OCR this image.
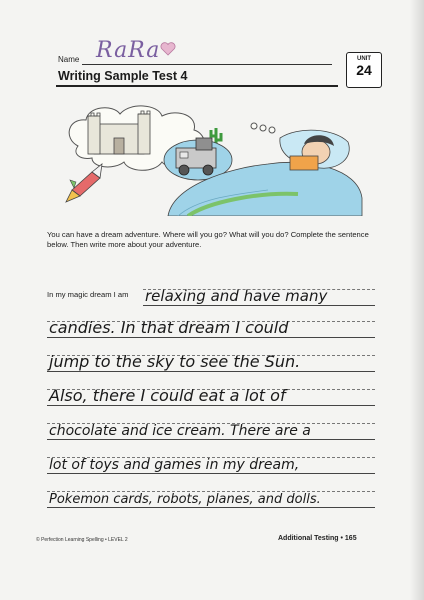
Name RaRa
Writing Sample Test 4
UNIT
24
You can have a dream adventure. Where will you go? What will you do? Complete the sentence below. Then write more about your adventure.
In my magic dream I am relaxing and have many
candies. In that dream I could
jump to the sky to see the Sun.
Also, there I could eat a lot of
chocolate and ice cream. There are a
lot of toys and games in my dream,
Pokemon cards, robots, planes, and dolls.
© Perfection Learning Spelling • LEVEL 2	Additional Testing • 165
